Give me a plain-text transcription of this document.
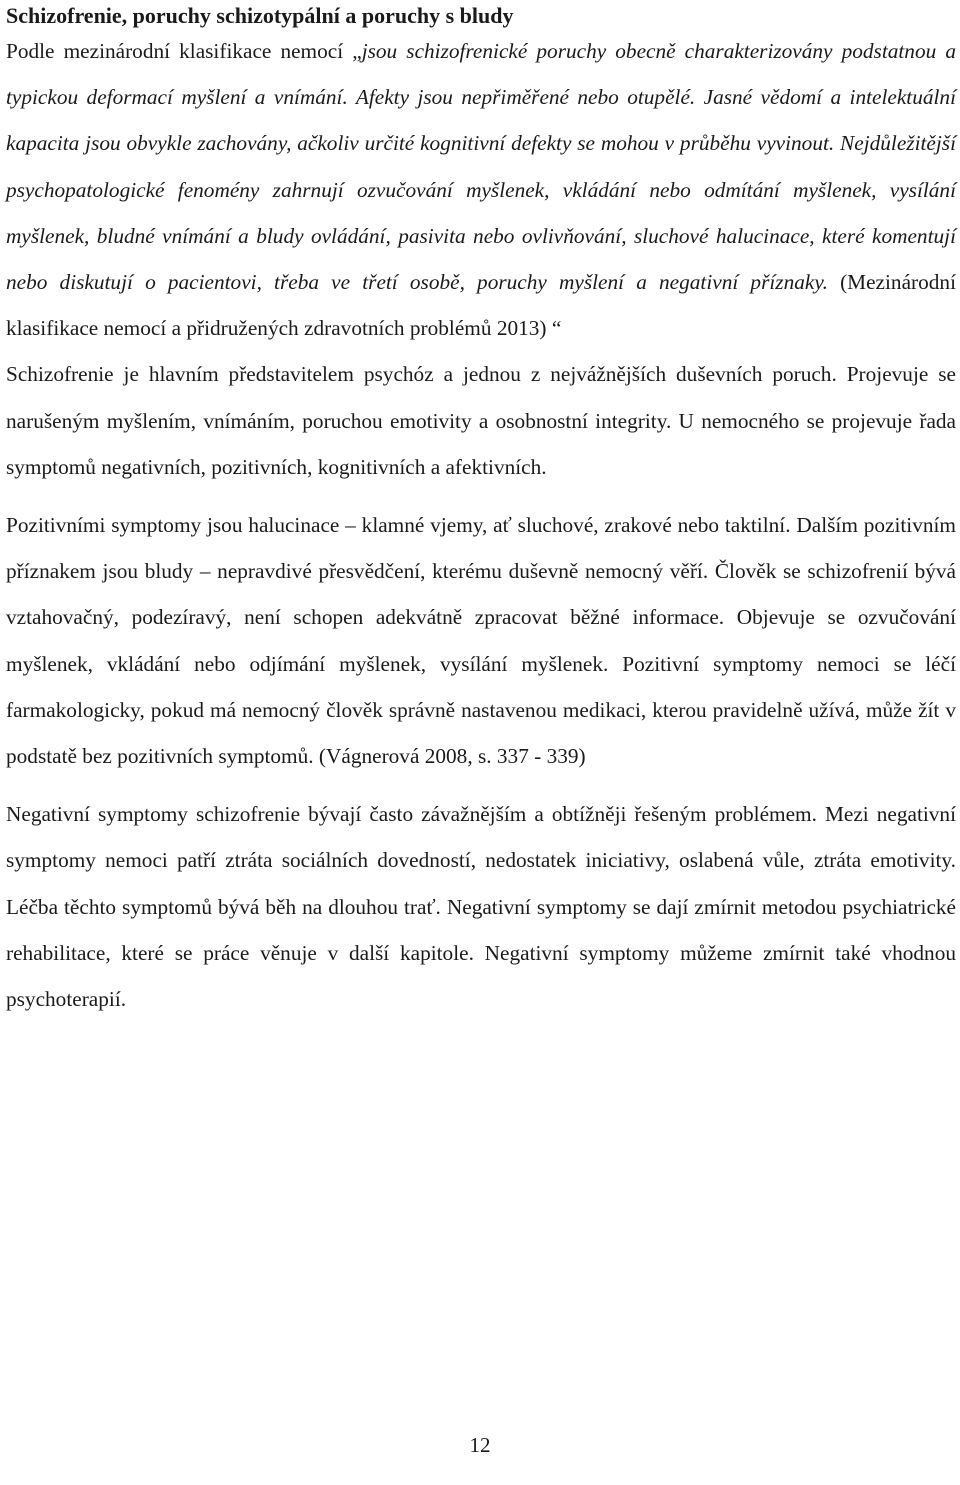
Schizofrenie, poruchy schizotypální a poruchy s bludy

Podle mezinárodní klasifikace nemocí „jsou schizofrenické poruchy obecně charakterizovány podstatnou a typickou deformací myšlení a vnímání. Afekty jsou nepřiměřené nebo otupělé. Jasné vědomí a intelektuální kapacita jsou obvykle zachovány, ačkoliv určité kognitivní defekty se mohou v průběhu vyvinout. Nejdůležitější psychopatologické fenomény zahrnují ozvučování myšlenek, vkládání nebo odmítání myšlenek, vysílání myšlenek, bludné vnímání a bludy ovládání, pasivita nebo ovlivňování, sluchové halucinace, které komentují nebo diskutují o pacientovi, třeba ve třetí osobě, poruchy myšlení a negativní příznaky. (Mezinárodní klasifikace nemocí a přidružených zdravotních problémů 2013) “

Schizofrenie je hlavním představitelem psychóz a jednou z nejvážnějších duševních poruch. Projevuje se narušeným myšlením, vnímáním, poruchou emotivity a osobnostní integrity. U nemocného se projevuje řada symptomů negativních, pozitivních, kognitivních a afektivních.

Pozitivními symptomy jsou halucinace – klamné vjemy, ať sluchové, zrakové nebo taktilní. Dalším pozitivním příznakem jsou bludy – nepravdivé přesvědčení, kterému duševně nemocný věří. Člověk se schizofrenií bývá vztahovačný, podezíravý, není schopen adekvátně zpracovat běžné informace. Objevuje se ozvučování myšlenek, vkládání nebo odjímání myšlenek, vysílání myšlenek. Pozitivní symptomy nemoci se léčí farmakologicky, pokud má nemocný člověk správně nastavenou medikaci, kterou pravidelně užívá, může žít v podstatě bez pozitivních symptomů. (Vágnerová 2008, s. 337 - 339)

Negativní symptomy schizofrenie bývají často závažnějším a obtížněji řešeným problémem. Mezi negativní symptomy nemoci patří ztráta sociálních dovedností, nedostatek iniciativy, oslabená vůle, ztráta emotivity. Léčba těchto symptomů bývá běh na dlouhou trať. Negativní symptomy se dají zmírnit metodou psychiatrické rehabilitace, které se práce věnuje v další kapitole. Negativní symptomy můžeme zmírnit také vhodnou psychoterapií.

12
